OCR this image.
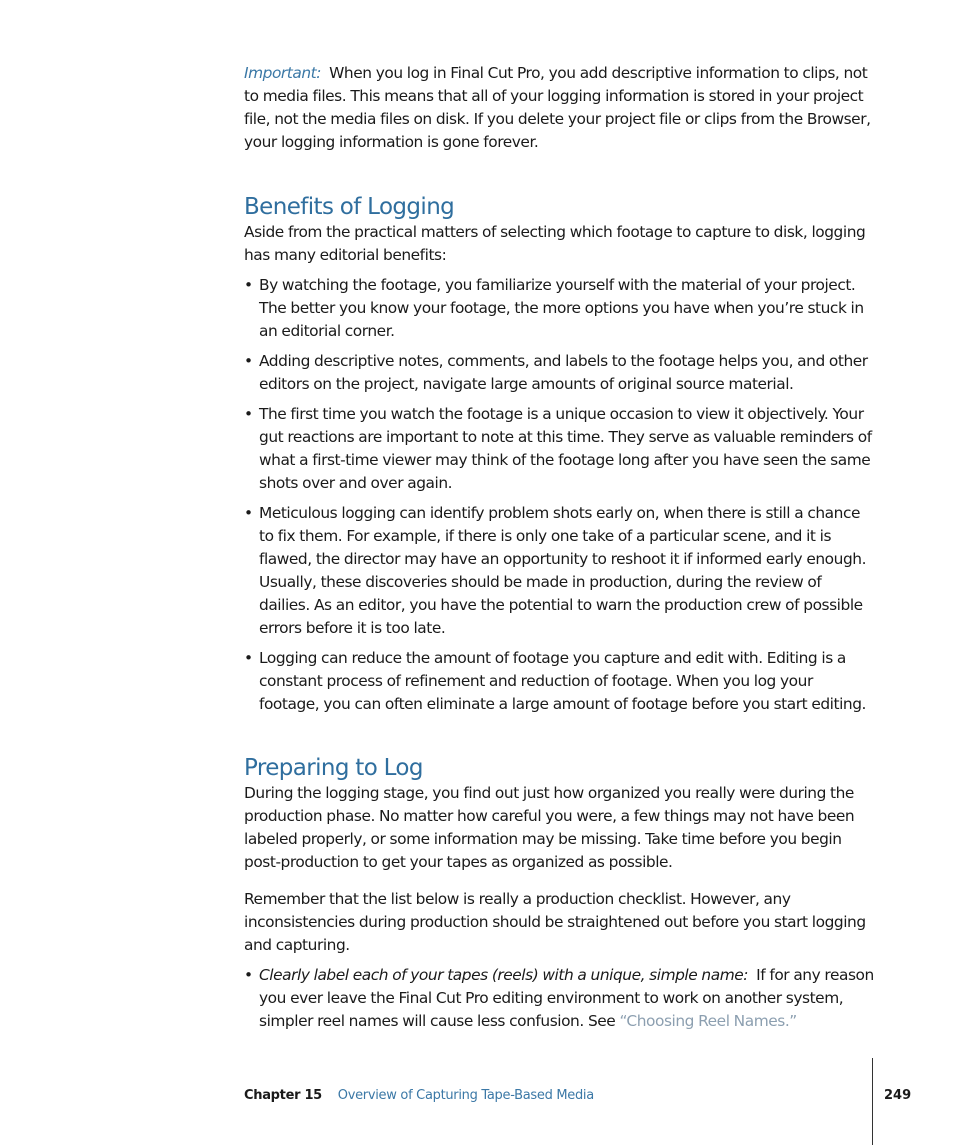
Important: When you log in Final Cut Pro, you add descriptive information to clips, not to media files. This means that all of your logging information is stored in your project file, not the media files on disk. If you delete your project file or clips from the Browser, your logging information is gone forever.

Benefits of Logging

Aside from the practical matters of selecting which footage to capture to disk, logging has many editorial benefits:

• By watching the footage, you familiarize yourself with the material of your project. The better you know your footage, the more options you have when you’re stuck in an editorial corner.
• Adding descriptive notes, comments, and labels to the footage helps you, and other editors on the project, navigate large amounts of original source material.
• The first time you watch the footage is a unique occasion to view it objectively. Your gut reactions are important to note at this time. They serve as valuable reminders of what a first-time viewer may think of the footage long after you have seen the same shots over and over again.
• Meticulous logging can identify problem shots early on, when there is still a chance to fix them. For example, if there is only one take of a particular scene, and it is flawed, the director may have an opportunity to reshoot it if informed early enough. Usually, these discoveries should be made in production, during the review of dailies. As an editor, you have the potential to warn the production crew of possible errors before it is too late.
• Logging can reduce the amount of footage you capture and edit with. Editing is a constant process of refinement and reduction of footage. When you log your footage, you can often eliminate a large amount of footage before you start editing.
Preparing to Log

During the logging stage, you find out just how organized you really were during the production phase. No matter how careful you were, a few things may not have been labeled properly, or some information may be missing. Take time before you begin post-production to get your tapes as organized as possible.

Remember that the list below is really a production checklist. However, any inconsistencies during production should be straightened out before you start logging and capturing.

• Clearly label each of your tapes (reels) with a unique, simple name: If for any reason you ever leave the Final Cut Pro editing environment to work on another system, simpler reel names will cause less confusion. See “Choosing Reel Names.”
Chapter 15 Overview of Capturing Tape-Based Media	249
